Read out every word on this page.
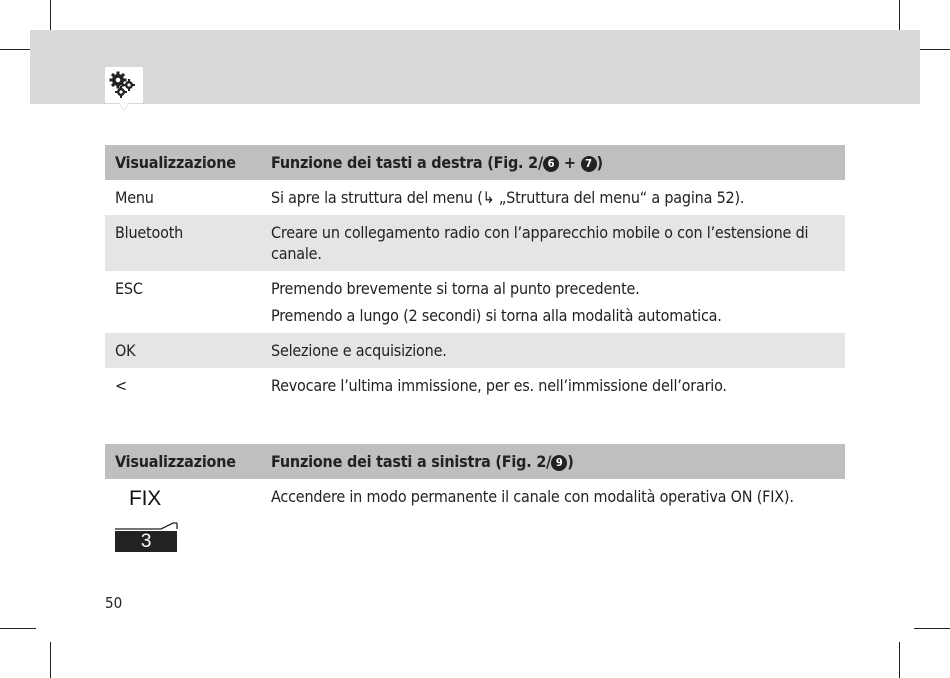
Visualizzazione	Funzione dei tasti a destra (Fig. 2/ 6 + 7 )
Menu	Si apre la struttura del menu (↳ „Struttura del menu“ a pagina 52).
Bluetooth	Creare un collegamento radio con l’apparecchio mobile o con l’estensione di canale.
ESC	Premendo brevemente si torna al punto precedente.
Premendo a lungo (2 secondi) si torna alla modalità automatica.

OK	Selezione e acquisizione.
<	Revocare l’ultima immissione, per es. nell’immissione dell’orario.
Visualizzazione	Funzione dei tasti a sinistra (Fig. 2/ 9 )

FIX
3	Accendere in modo permanente il canale con modalità operativa ON (FIX).
50
